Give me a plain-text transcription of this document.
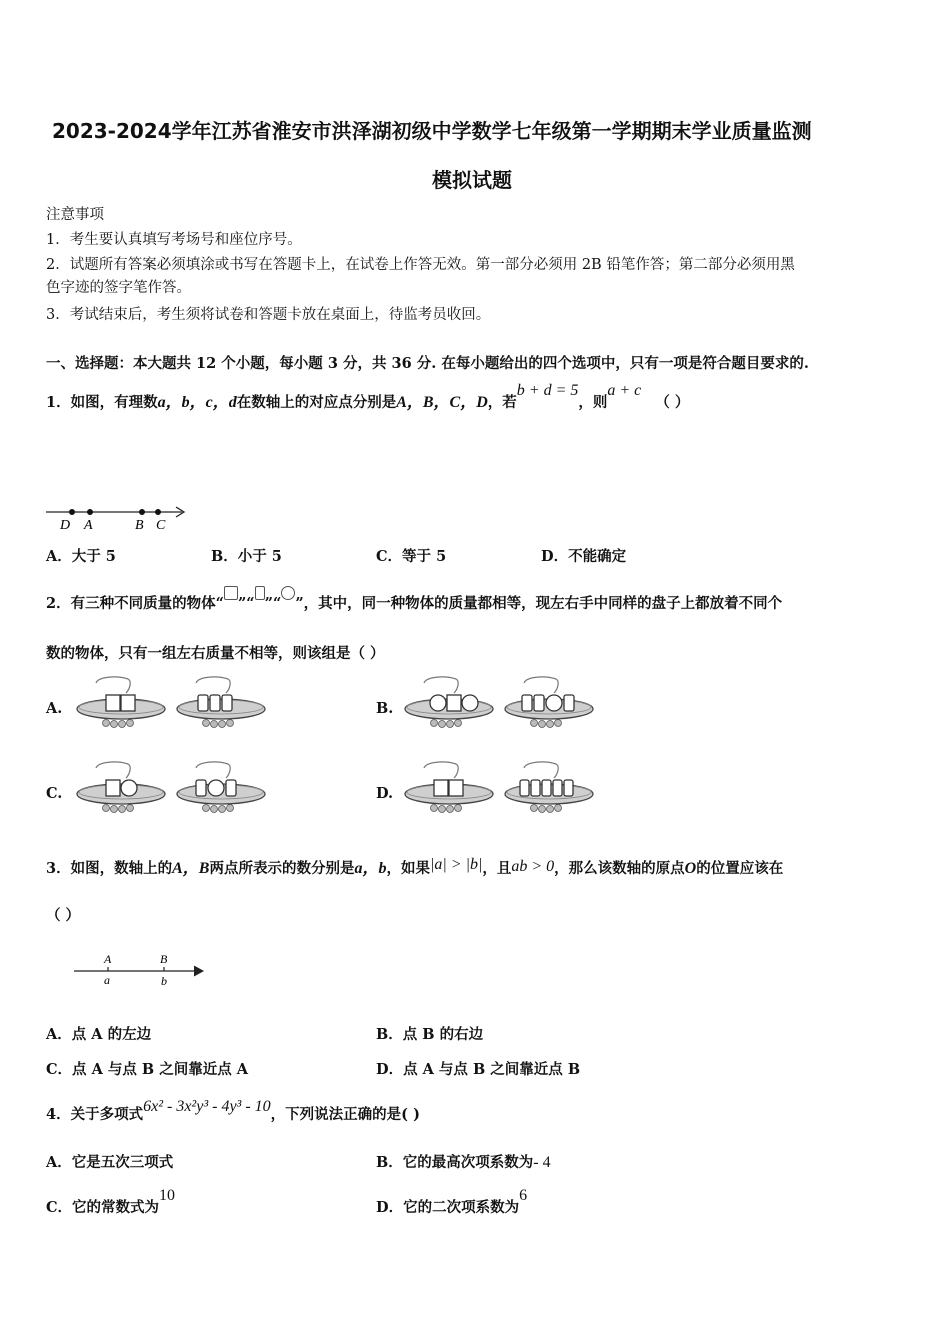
2023-2024学年江苏省淮安市洪泽湖初级中学数学七年级第一学期期末学业质量监测
模拟试题
注意事项
1．考生要认真填写考场号和座位序号。
2．试题所有答案必须填涂或书写在答题卡上，在试卷上作答无效。第一部分必须用 2B 铅笔作答；第二部分必须用黑
色字迹的签字笔作答。
3．考试结束后，考生须将试卷和答题卡放在桌面上，待监考员收回。
一、选择题：本大题共 12 个小题，每小题 3 分，共 36 分. 在每小题给出的四个选项中，只有一项是符合题目要求的.
1．如图，有理数a，b，c，d在数轴上的对应点分别是A，B，C，D，若b + d = 5，则a + c（ ）
D A	B C
A．大于 5	B．小于 5	C．等于 5	D．不能确定
2．有三种不同质量的物体“ ”“ ”“ ”，其中，同一种物体的质量都相等，现左右手中同样的盘子上都放着不同个
数的物体，只有一组左右质量不相等，则该组是（ ）
A.	B.
C.	D.
3．如图，数轴上的A，B两点所表示的数分别是a，b，如果|a| > |b|，且ab > 0，那么该数轴的原点O的位置应该在
（ ）
A	B
a	b
A．点 A 的左边	B．点 B 的右边
C．点 A 与点 B 之间靠近点 A	D．点 A 与点 B 之间靠近点 B
4．关于多项式6x² - 3x²y³ - 4y³ - 10，下列说法正确的是( )
A．它是五次三项式	B．它的最高次项系数为- 4
C．它的常数式为10
D．它的二次项系数为6
